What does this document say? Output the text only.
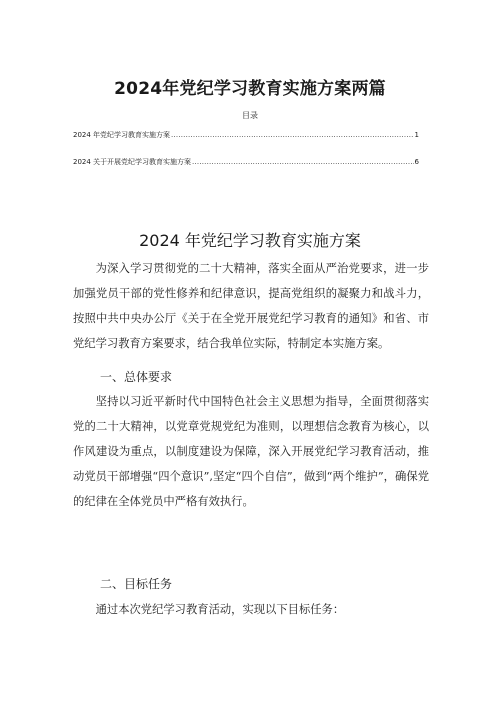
2024年党纪学习教育实施方案两篇
目录
2024 年党纪学习教育实施方案 .....	1
2024 关于开展党纪学习教育实施方案 .....	6
2024 年党纪学习教育实施方案

为深入学习贯彻党的二十大精神，落实全面从严治党要求，进一步加强党员干部的党性修养和纪律意识，提高党组织的凝聚力和战斗力，按照中共中央办公厅《关于在全党开展党纪学习教育的通知》和省、市党纪学习教育方案要求，结合我单位实际，特制定本实施方案。

一、总体要求

坚持以习近平新时代中国特色社会主义思想为指导，全面贯彻落实党的二十大精神，以党章党规党纪为准则，以理想信念教育为核心，以作风建设为重点，以制度建设为保障，深入开展党纪学习教育活动，推动党员干部增强“四个意识”,坚定“四个自信”，做到“两个维护”，确保党的纪律在全体党员中严格有效执行。

二、目标任务

通过本次党纪学习教育活动，实现以下目标任务：
